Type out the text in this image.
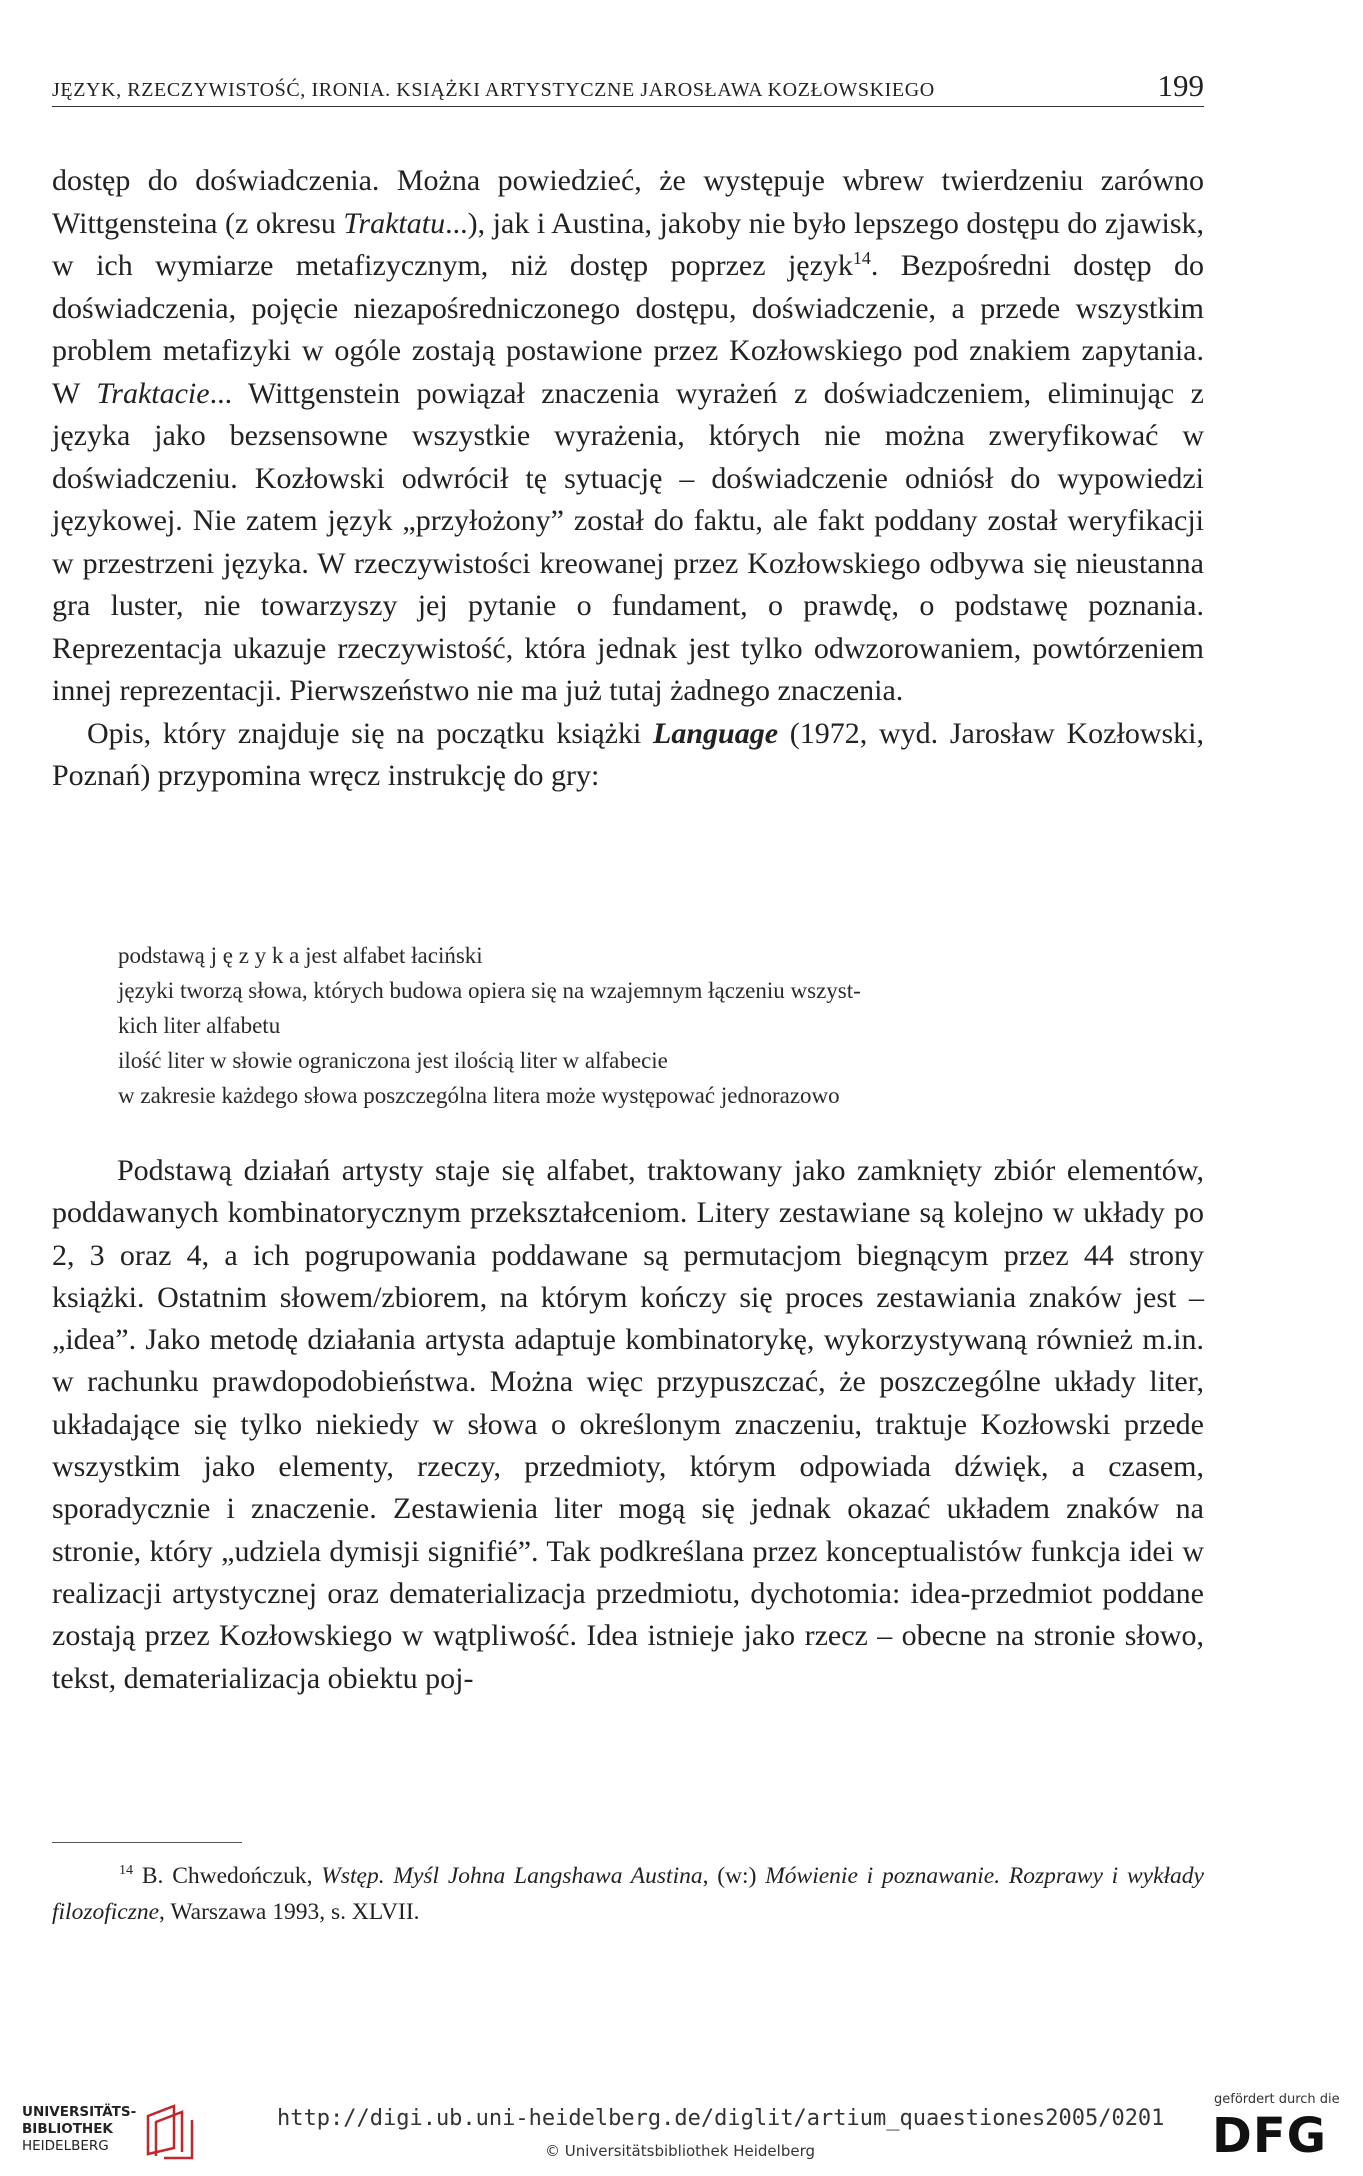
JĘZYK, RZECZYWISTOŚĆ, IRONIA. KSIĄŻKI ARTYSTYCZNE JAROSŁAWA KOZŁOWSKIEGO	199

dostęp do doświadczenia. Można powiedzieć, że występuje wbrew twierdzeniu zarówno Wittgensteina (z okresu Traktatu...), jak i Austina, jakoby nie było lepszego dostępu do zjawisk, w ich wymiarze metafizycznym, niż dostęp poprzez język$^{14}$. Bezpośredni dostęp do doświadczenia, pojęcie niezapośredniczonego dostępu, doświadczenie, a przede wszystkim problem metafizyki w ogóle zostają postawione przez Kozłowskiego pod znakiem zapytania. W Traktacie... Wittgenstein powiązał znaczenia wyrażeń z doświadczeniem, eliminując z języka jako bezsensowne wszystkie wyrażenia, których nie można zweryfikować w doświadczeniu. Kozłowski odwrócił tę sytuację – doświadczenie odniósł do wypowiedzi językowej. Nie zatem język „przyłożony” został do faktu, ale fakt poddany został weryfikacji w przestrzeni języka. W rzeczywistości kreowanej przez Kozłowskiego odbywa się nieustanna gra luster, nie towarzyszy jej pytanie o fundament, o prawdę, o podstawę poznania. Reprezentacja ukazuje rzeczywistość, która jednak jest tylko odwzorowaniem, powtórzeniem innej reprezentacji. Pierwszeństwo nie ma już tutaj żadnego znaczenia.

Opis, który znajduje się na początku książki Language (1972, wyd. Jarosław Kozłowski, Poznań) przypomina wręcz instrukcję do gry:

podstawą j ę z y k a jest alfabet łaciński
języki tworzą słowa, których budowa opiera się na wzajemnym łączeniu wszyst-
kich liter alfabetu
ilość liter w słowie ograniczona jest ilością liter w alfabecie
w zakresie każdego słowa poszczególna litera może występować jednorazowo

Podstawą działań artysty staje się alfabet, traktowany jako zamknięty zbiór elementów, poddawanych kombinatorycznym przekształceniom. Litery zestawiane są kolejno w układy po 2, 3 oraz 4, a ich pogrupowania poddawane są permutacjom biegnącym przez 44 strony książki. Ostatnim słowem/zbiorem, na którym kończy się proces zestawiania znaków jest – „idea”. Jako metodę działania artysta adaptuje kombinatorykę, wykorzystywaną również m.in. w rachunku prawdopodobieństwa. Można więc przypuszczać, że poszczególne układy liter, układające się tylko niekiedy w słowa o określonym znaczeniu, traktuje Kozłowski przede wszystkim jako elementy, rzeczy, przedmioty, którym odpowiada dźwięk, a czasem, sporadycznie i znaczenie. Zestawienia liter mogą się jednak okazać układem znaków na stronie, który „udziela dymisji signifié”. Tak podkreślana przez konceptualistów funkcja idei w realizacji artystycznej oraz dematerializacja przedmiotu, dychotomia: idea-przedmiot poddane zostają przez Kozłowskiego w wątpliwość. Idea istnieje jako rzecz – obecne na stronie słowo, tekst, dematerializacja obiektu poj-

$^{14}$ B. Chwedończuk, Wstęp. Myśl Johna Langshawa Austina, (w:) Mówienie i poznawanie. Rozprawy i wykłady filozoficzne, Warszawa 1993, s. XLVII.
UNIVERSITÄTS-
BIBLIOTHEK
HEIDELBERG
http://digi.ub.uni-heidelberg.de/diglit/artium_quaestiones2005/0201
© Universitätsbibliothek Heidelberg
gefördert durch die
DFG
